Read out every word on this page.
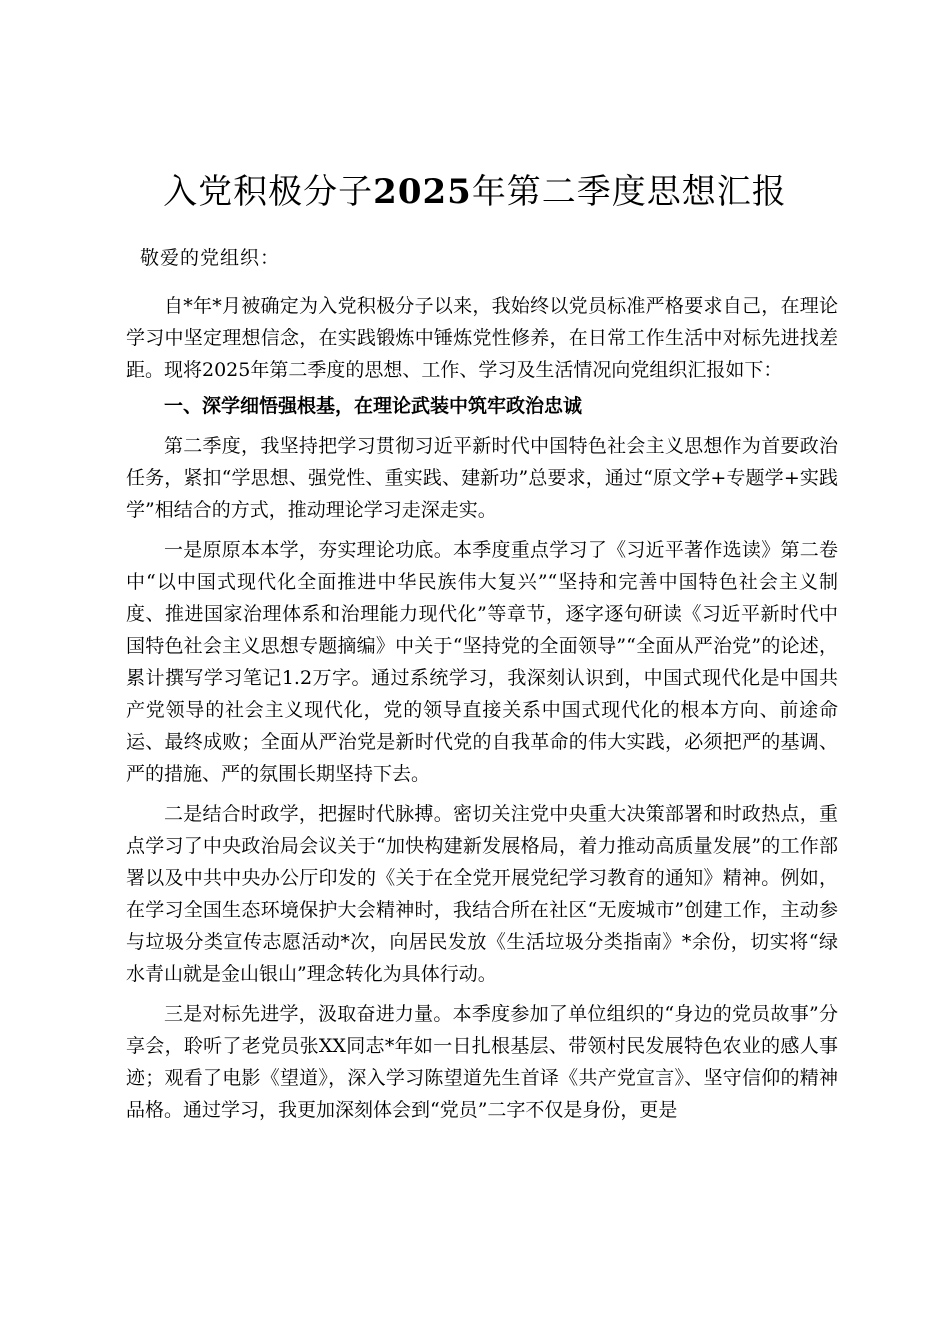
入党积极分子2025年第二季度思想汇报
敬爱的党组织：

自*年*月被确定为入党积极分子以来，我始终以党员标准严格要求自己，在理论学习中坚定理想信念，在实践锻炼中锤炼党性修养，在日常工作生活中对标先进找差距。现将2025年第二季度的思想、工作、学习及生活情况向党组织汇报如下：

一、深学细悟强根基，在理论武装中筑牢政治忠诚

第二季度，我坚持把学习贯彻习近平新时代中国特色社会主义思想作为首要政治任务，紧扣“学思想、强党性、重实践、建新功”总要求，通过“原文学+专题学+实践学”相结合的方式，推动理论学习走深走实。

一是原原本本学，夯实理论功底。本季度重点学习了《习近平著作选读》第二卷中“以中国式现代化全面推进中华民族伟大复兴”“坚持和完善中国特色社会主义制度、推进国家治理体系和治理能力现代化”等章节，逐字逐句研读《习近平新时代中国特色社会主义思想专题摘编》中关于“坚持党的全面领导”“全面从严治党”的论述，累计撰写学习笔记1.2万字。通过系统学习，我深刻认识到，中国式现代化是中国共产党领导的社会主义现代化，党的领导直接关系中国式现代化的根本方向、前途命运、最终成败；全面从严治党是新时代党的自我革命的伟大实践，必须把严的基调、严的措施、严的氛围长期坚持下去。

二是结合时政学，把握时代脉搏。密切关注党中央重大决策部署和时政热点，重点学习了中央政治局会议关于“加快构建新发展格局，着力推动高质量发展”的工作部署以及中共中央办公厅印发的《关于在全党开展党纪学习教育的通知》精神。例如，在学习全国生态环境保护大会精神时，我结合所在社区“无废城市”创建工作，主动参与垃圾分类宣传志愿活动*次，向居民发放《生活垃圾分类指南》*余份，切实将“绿水青山就是金山银山”理念转化为具体行动。

三是对标先进学，汲取奋进力量。本季度参加了单位组织的“身边的党员故事”分享会，聆听了老党员张XX同志*年如一日扎根基层、带领村民发展特色农业的感人事迹；观看了电影《望道》，深入学习陈望道先生首译《共产党宣言》、坚守信仰的精神品格。通过学习，我更加深刻体会到“党员”二字不仅是身份，更是
